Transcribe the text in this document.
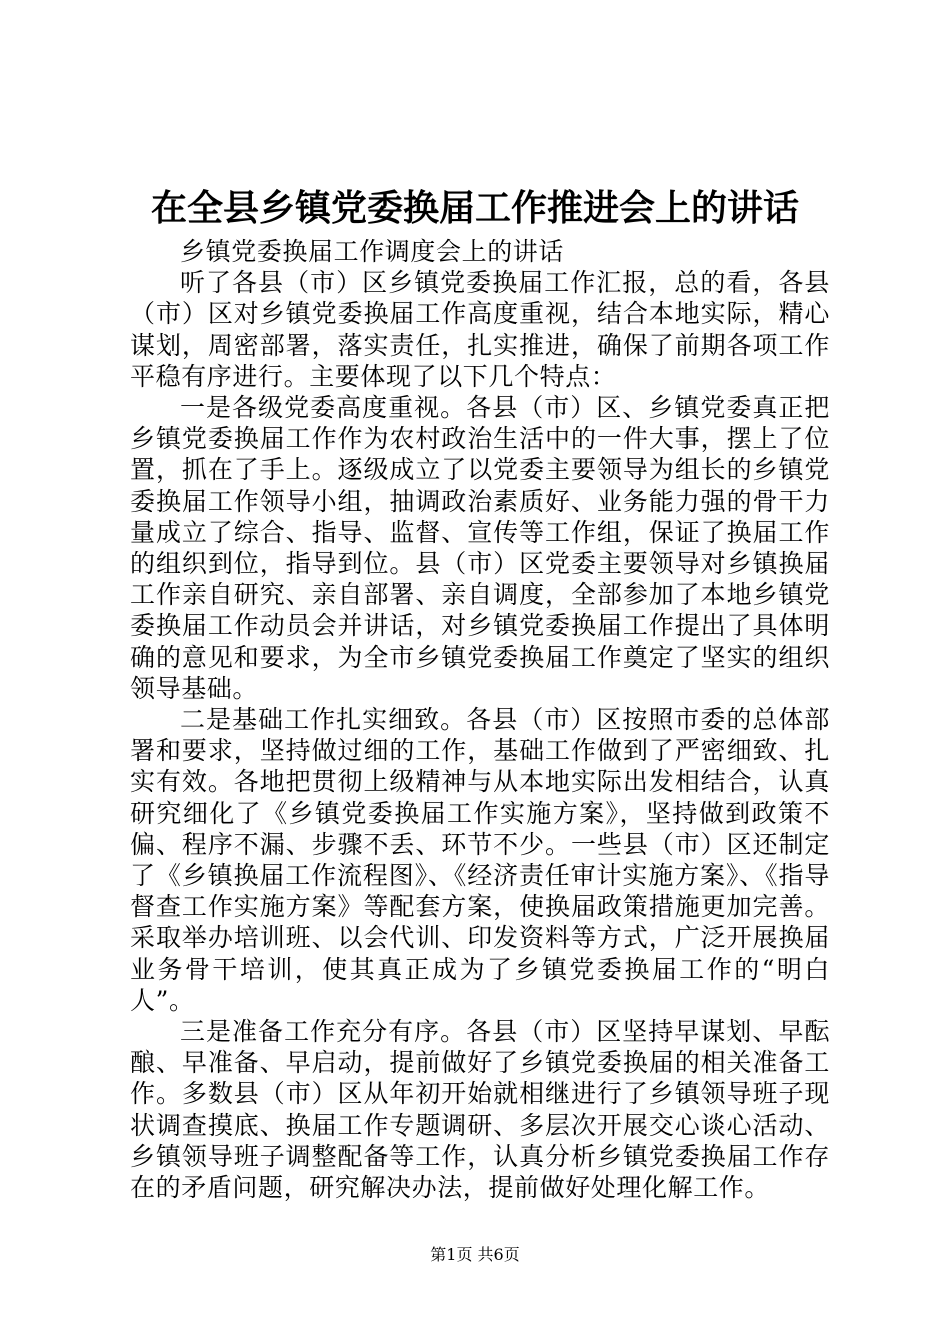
在全县乡镇党委换届工作推进会上的讲话

乡镇党委换届工作调度会上的讲话

听了各县（市）区乡镇党委换届工作汇报，总的看，各县（市）区对乡镇党委换届工作高度重视，结合本地实际，精心谋划，周密部署，落实责任，扎实推进，确保了前期各项工作平稳有序进行。主要体现了以下几个特点：

一是各级党委高度重视。各县（市）区、乡镇党委真正把乡镇党委换届工作作为农村政治生活中的一件大事，摆上了位置，抓在了手上。逐级成立了以党委主要领导为组长的乡镇党委换届工作领导小组，抽调政治素质好、业务能力强的骨干力量成立了综合、指导、监督、宣传等工作组，保证了换届工作的组织到位，指导到位。县（市）区党委主要领导对乡镇换届工作亲自研究、亲自部署、亲自调度，全部参加了本地乡镇党委换届工作动员会并讲话，对乡镇党委换届工作提出了具体明确的意见和要求，为全市乡镇党委换届工作奠定了坚实的组织领导基础。

二是基础工作扎实细致。各县（市）区按照市委的总体部署和要求，坚持做过细的工作，基础工作做到了严密细致、扎实有效。各地把贯彻上级精神与从本地实际出发相结合，认真研究细化了《乡镇党委换届工作实施方案》，坚持做到政策不偏、程序不漏、步骤不丢、环节不少。一些县（市）区还制定了《乡镇换届工作流程图》、《经济责任审计实施方案》、《指导督查工作实施方案》等配套方案，使换届政策措施更加完善。采取举办培训班、以会代训、印发资料等方式，广泛开展换届业务骨干培训，使其真正成为了乡镇党委换届工作的“明白人”。

三是准备工作充分有序。各县（市）区坚持早谋划、早酝酿、早准备、早启动，提前做好了乡镇党委换届的相关准备工作。多数县（市）区从年初开始就相继进行了乡镇领导班子现状调查摸底、换届工作专题调研、多层次开展交心谈心活动、乡镇领导班子调整配备等工作，认真分析乡镇党委换届工作存在的矛盾问题，研究解决办法，提前做好处理化解工作。

第1页 共6页
